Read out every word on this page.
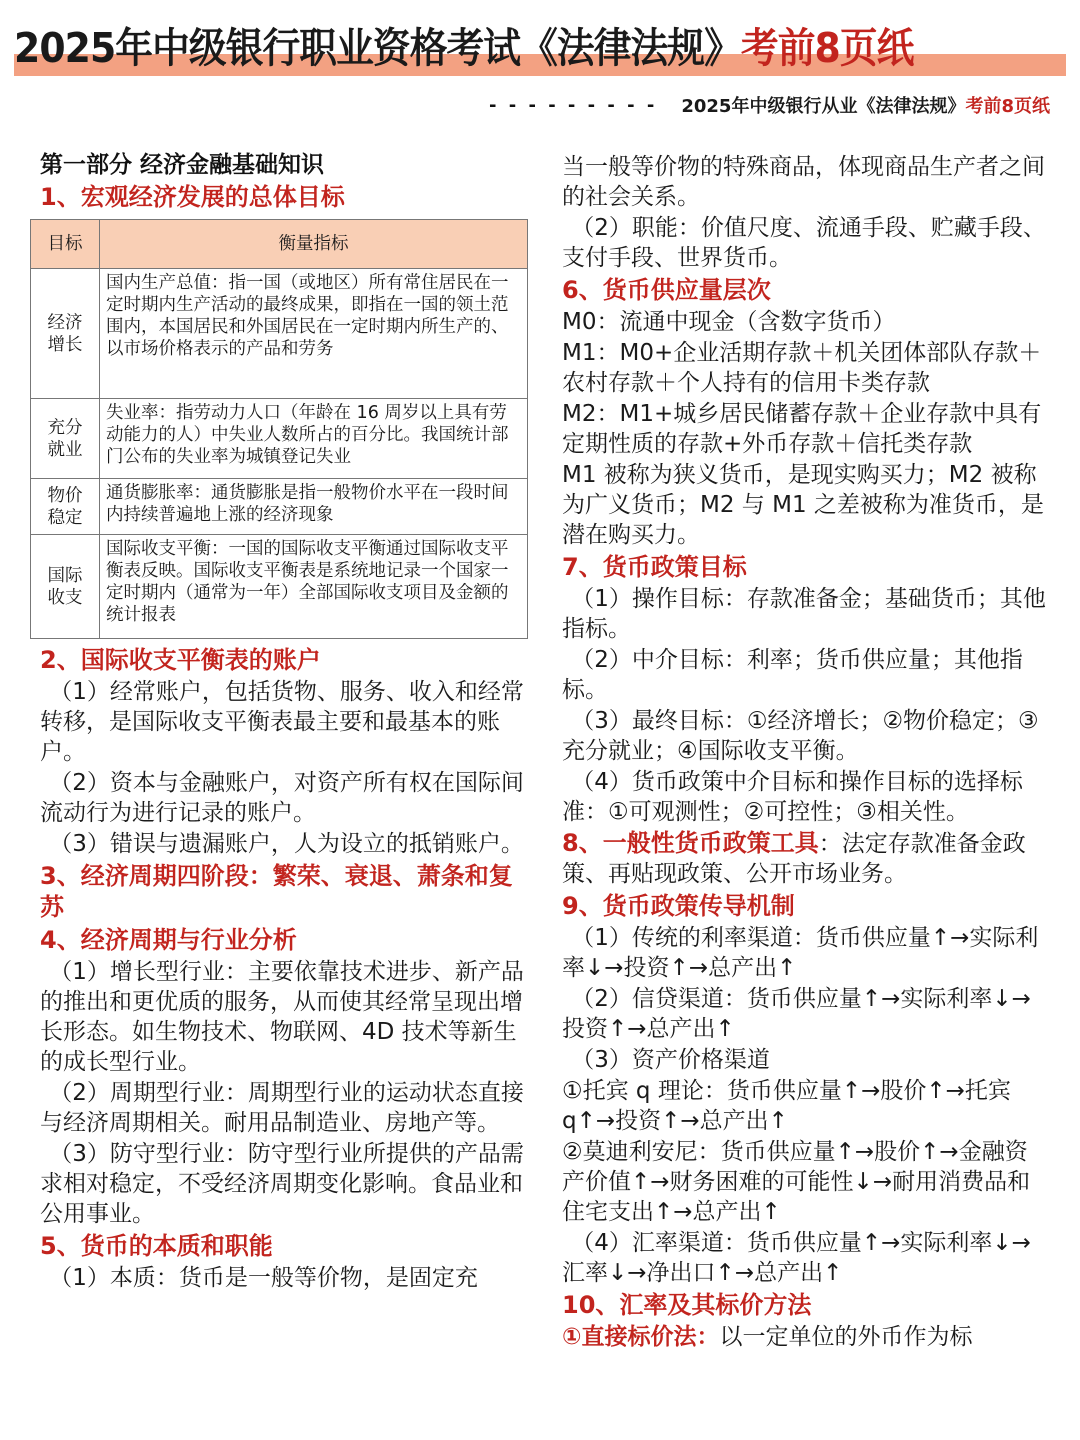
2025年中级银行职业资格考试《法律法规》考前8页纸
- - - - - - - - - 2025年中级银行从业《法律法规》考前8页纸

第一部分 经济金融基础知识

1、宏观经济发展的总体目标

目标	衡量指标
经济增长	国内生产总值：指一国（或地区）所有常住居民在一定时期内生产活动的最终成果，即指在一国的领土范围内，本国居民和外国居民在一定时期内所生产的、以市场价格表示的产品和劳务
充分就业	失业率：指劳动力人口（年龄在 16 周岁以上具有劳动能力的人）中失业人数所占的百分比。我国统计部门公布的失业率为城镇登记失业
物价稳定	通货膨胀率：通货膨胀是指一般物价水平在一段时间内持续普遍地上涨的经济现象
国际收支	国际收支平衡：一国的国际收支平衡通过国际收支平衡表反映。国际收支平衡表是系统地记录一个国家一定时期内（通常为一年）全部国际收支项目及金额的统计报表

2、国际收支平衡表的账户

（1）经常账户，包括货物、服务、收入和经常转移，是国际收支平衡表最主要和最基本的账户。

（2）资本与金融账户，对资产所有权在国际间流动行为进行记录的账户。

（3）错误与遗漏账户，人为设立的抵销账户。

3、经济周期四阶段：繁荣、衰退、萧条和复苏

4、经济周期与行业分析

（1）增长型行业：主要依靠技术进步、新产品的推出和更优质的服务，从而使其经常呈现出增长形态。如生物技术、物联网、4D 技术等新生的成长型行业。

（2）周期型行业：周期型行业的运动状态直接与经济周期相关。耐用品制造业、房地产等。

（3）防守型行业：防守型行业所提供的产品需求相对稳定，不受经济周期变化影响。食品业和公用事业。

5、货币的本质和职能

（1）本质：货币是一般等价物，是固定充

当一般等价物的特殊商品，体现商品生产者之间的社会关系。

（2）职能：价值尺度、流通手段、贮藏手段、支付手段、世界货币。

6、货币供应量层次

M0：流通中现金（含数字货币）

M1：M0+企业活期存款＋机关团体部队存款＋农村存款＋个人持有的信用卡类存款

M2：M1+城乡居民储蓄存款＋企业存款中具有定期性质的存款+外币存款＋信托类存款

M1 被称为狭义货币，是现实购买力；M2 被称为广义货币；M2 与 M1 之差被称为准货币，是潜在购买力。

7、货币政策目标

（1）操作目标：存款准备金；基础货币；其他指标。

（2）中介目标：利率；货币供应量；其他指标。

（3）最终目标：①经济增长；②物价稳定；③充分就业；④国际收支平衡。

（4）货币政策中介目标和操作目标的选择标准：①可观测性；②可控性；③相关性。

8、一般性货币政策工具：法定存款准备金政策、再贴现政策、公开市场业务。

9、货币政策传导机制

（1）传统的利率渠道：货币供应量↑→实际利率↓→投资↑→总产出↑

（2）信贷渠道：货币供应量↑→实际利率↓→投资↑→总产出↑

（3）资产价格渠道

①托宾 q 理论：货币供应量↑→股价↑→托宾 q↑→投资↑→总产出↑

②莫迪利安尼：货币供应量↑→股价↑→金融资产价值↑→财务困难的可能性↓→耐用消费品和住宅支出↑→总产出↑

（4）汇率渠道：货币供应量↑→实际利率↓→汇率↓→净出口↑→总产出↑

10、汇率及其标价方法

①直接标价法：以一定单位的外币作为标
